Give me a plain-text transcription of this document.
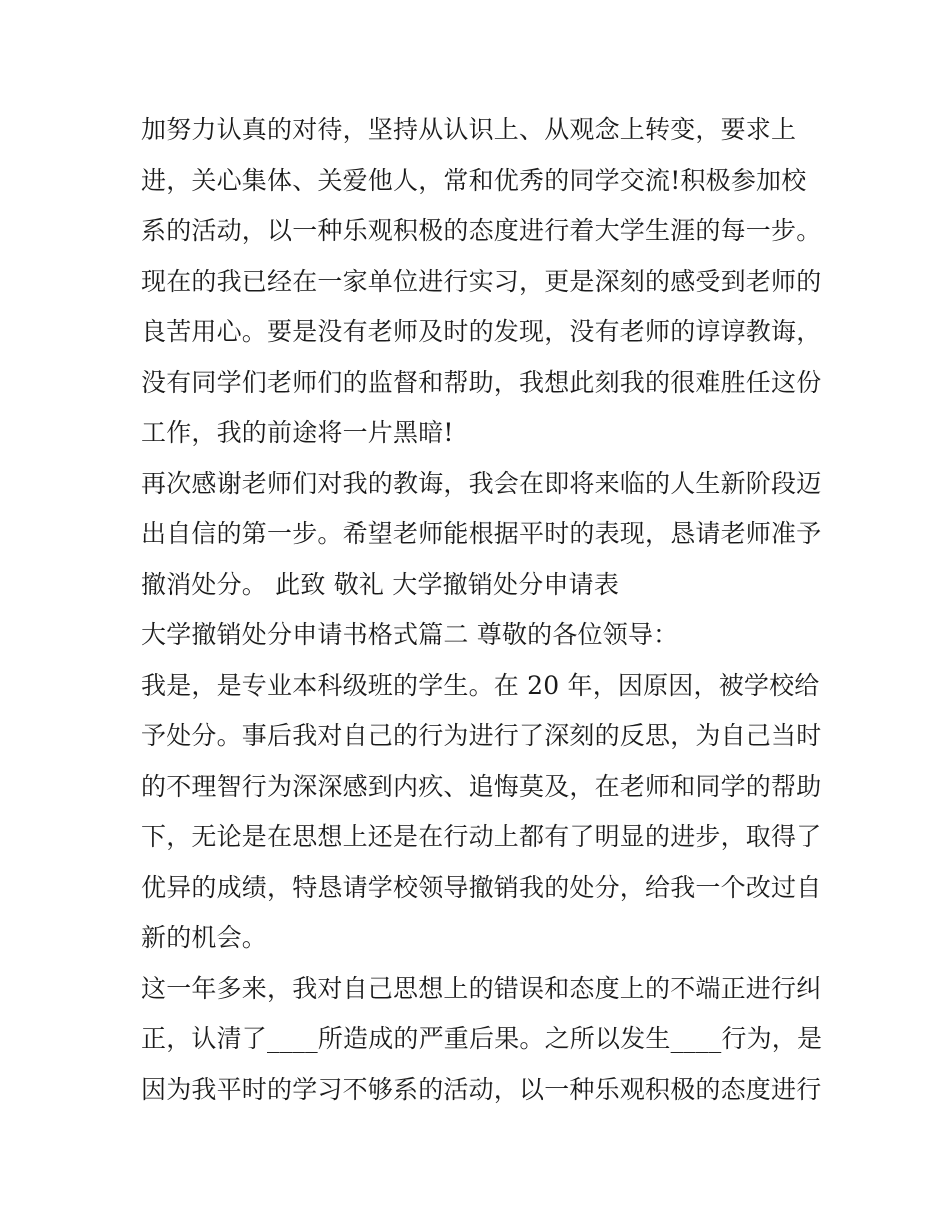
加努力认真的对待，坚持从认识上、从观念上转变，要求上
进，关心集体、关爱他人，常和优秀的同学交流!积极参加校
系的活动，以一种乐观积极的态度进行着大学生涯的每一步。
现在的我已经在一家单位进行实习，更是深刻的感受到老师的
良苦用心。要是没有老师及时的发现，没有老师的谆谆教诲，
没有同学们老师们的监督和帮助，我想此刻我的很难胜任这份
工作，我的前途将一片黑暗!
再次感谢老师们对我的教诲，我会在即将来临的人生新阶段迈
出自信的第一步。希望老师能根据平时的表现，恳请老师准予
撤消处分。 此致 敬礼 大学撤销处分申请表
大学撤销处分申请书格式篇二 尊敬的各位领导：
我是，是专业本科级班的学生。在 20 年，因原因，被学校给
予处分。事后我对自己的行为进行了深刻的反思，为自己当时
的不理智行为深深感到内疚、追悔莫及，在老师和同学的帮助
下，无论是在思想上还是在行动上都有了明显的进步，取得了
优异的成绩，特恳请学校领导撤销我的处分，给我一个改过自
新的机会。
这一年多来，我对自己思想上的错误和态度上的不端正进行纠
正，认清了____所造成的严重后果。之所以发生____行为，是
因为我平时的学习不够系的活动，以一种乐观积极的态度进行
